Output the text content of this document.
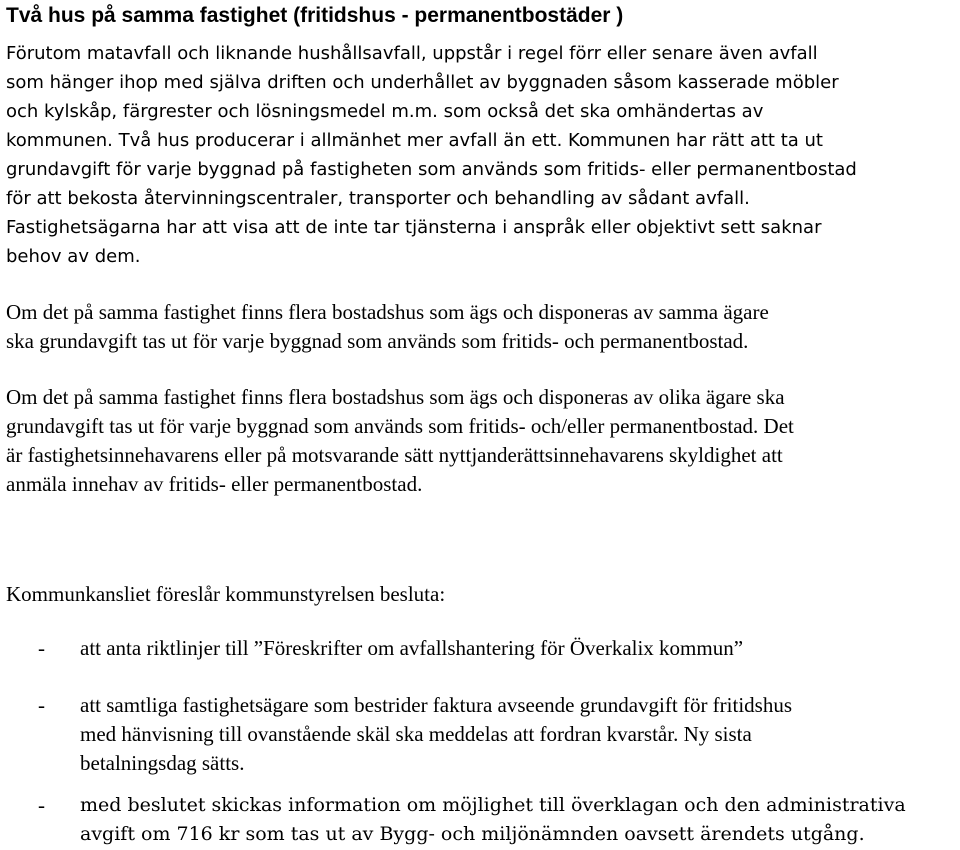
Två hus på samma fastighet (fritidshus - permanentbostäder )
Förutom matavfall och liknande hushållsavfall, uppstår i regel förr eller senare även avfall
som hänger ihop med själva driften och underhållet av byggnaden såsom kasserade möbler
och kylskåp, färgrester och lösningsmedel m.m. som också det ska omhändertas av
kommunen. Två hus producerar i allmänhet mer avfall än ett. Kommunen har rätt att ta ut
grundavgift för varje byggnad på fastigheten som används som fritids- eller permanentbostad
för att bekosta återvinningscentraler, transporter och behandling av sådant avfall.
Fastighetsägarna har att visa att de inte tar tjänsterna i anspråk eller objektivt sett saknar
behov av dem.
Om det på samma fastighet finns flera bostadshus som ägs och disponeras av samma ägare
ska grundavgift tas ut för varje byggnad som används som fritids- och permanentbostad.
Om det på samma fastighet finns flera bostadshus som ägs och disponeras av olika ägare ska
grundavgift tas ut för varje byggnad som används som fritids- och/eller permanentbostad. Det
är fastighetsinnehavarens eller på motsvarande sätt nyttjanderättsinnehavarens skyldighet att
anmäla innehav av fritids- eller permanentbostad.
Kommunkansliet föreslår kommunstyrelsen besluta:
- att anta riktlinjer till ”Föreskrifter om avfallshantering för Överkalix kommun”
- att samtliga fastighetsägare som bestrider faktura avseende grundavgift för fritidshus
med hänvisning till ovanstående skäl ska meddelas att fordran kvarstår. Ny sista
betalningsdag sätts.
- med beslutet skickas information om möjlighet till överklagan och den administrativa
avgift om 716 kr som tas ut av Bygg- och miljönämnden oavsett ärendets utgång.
